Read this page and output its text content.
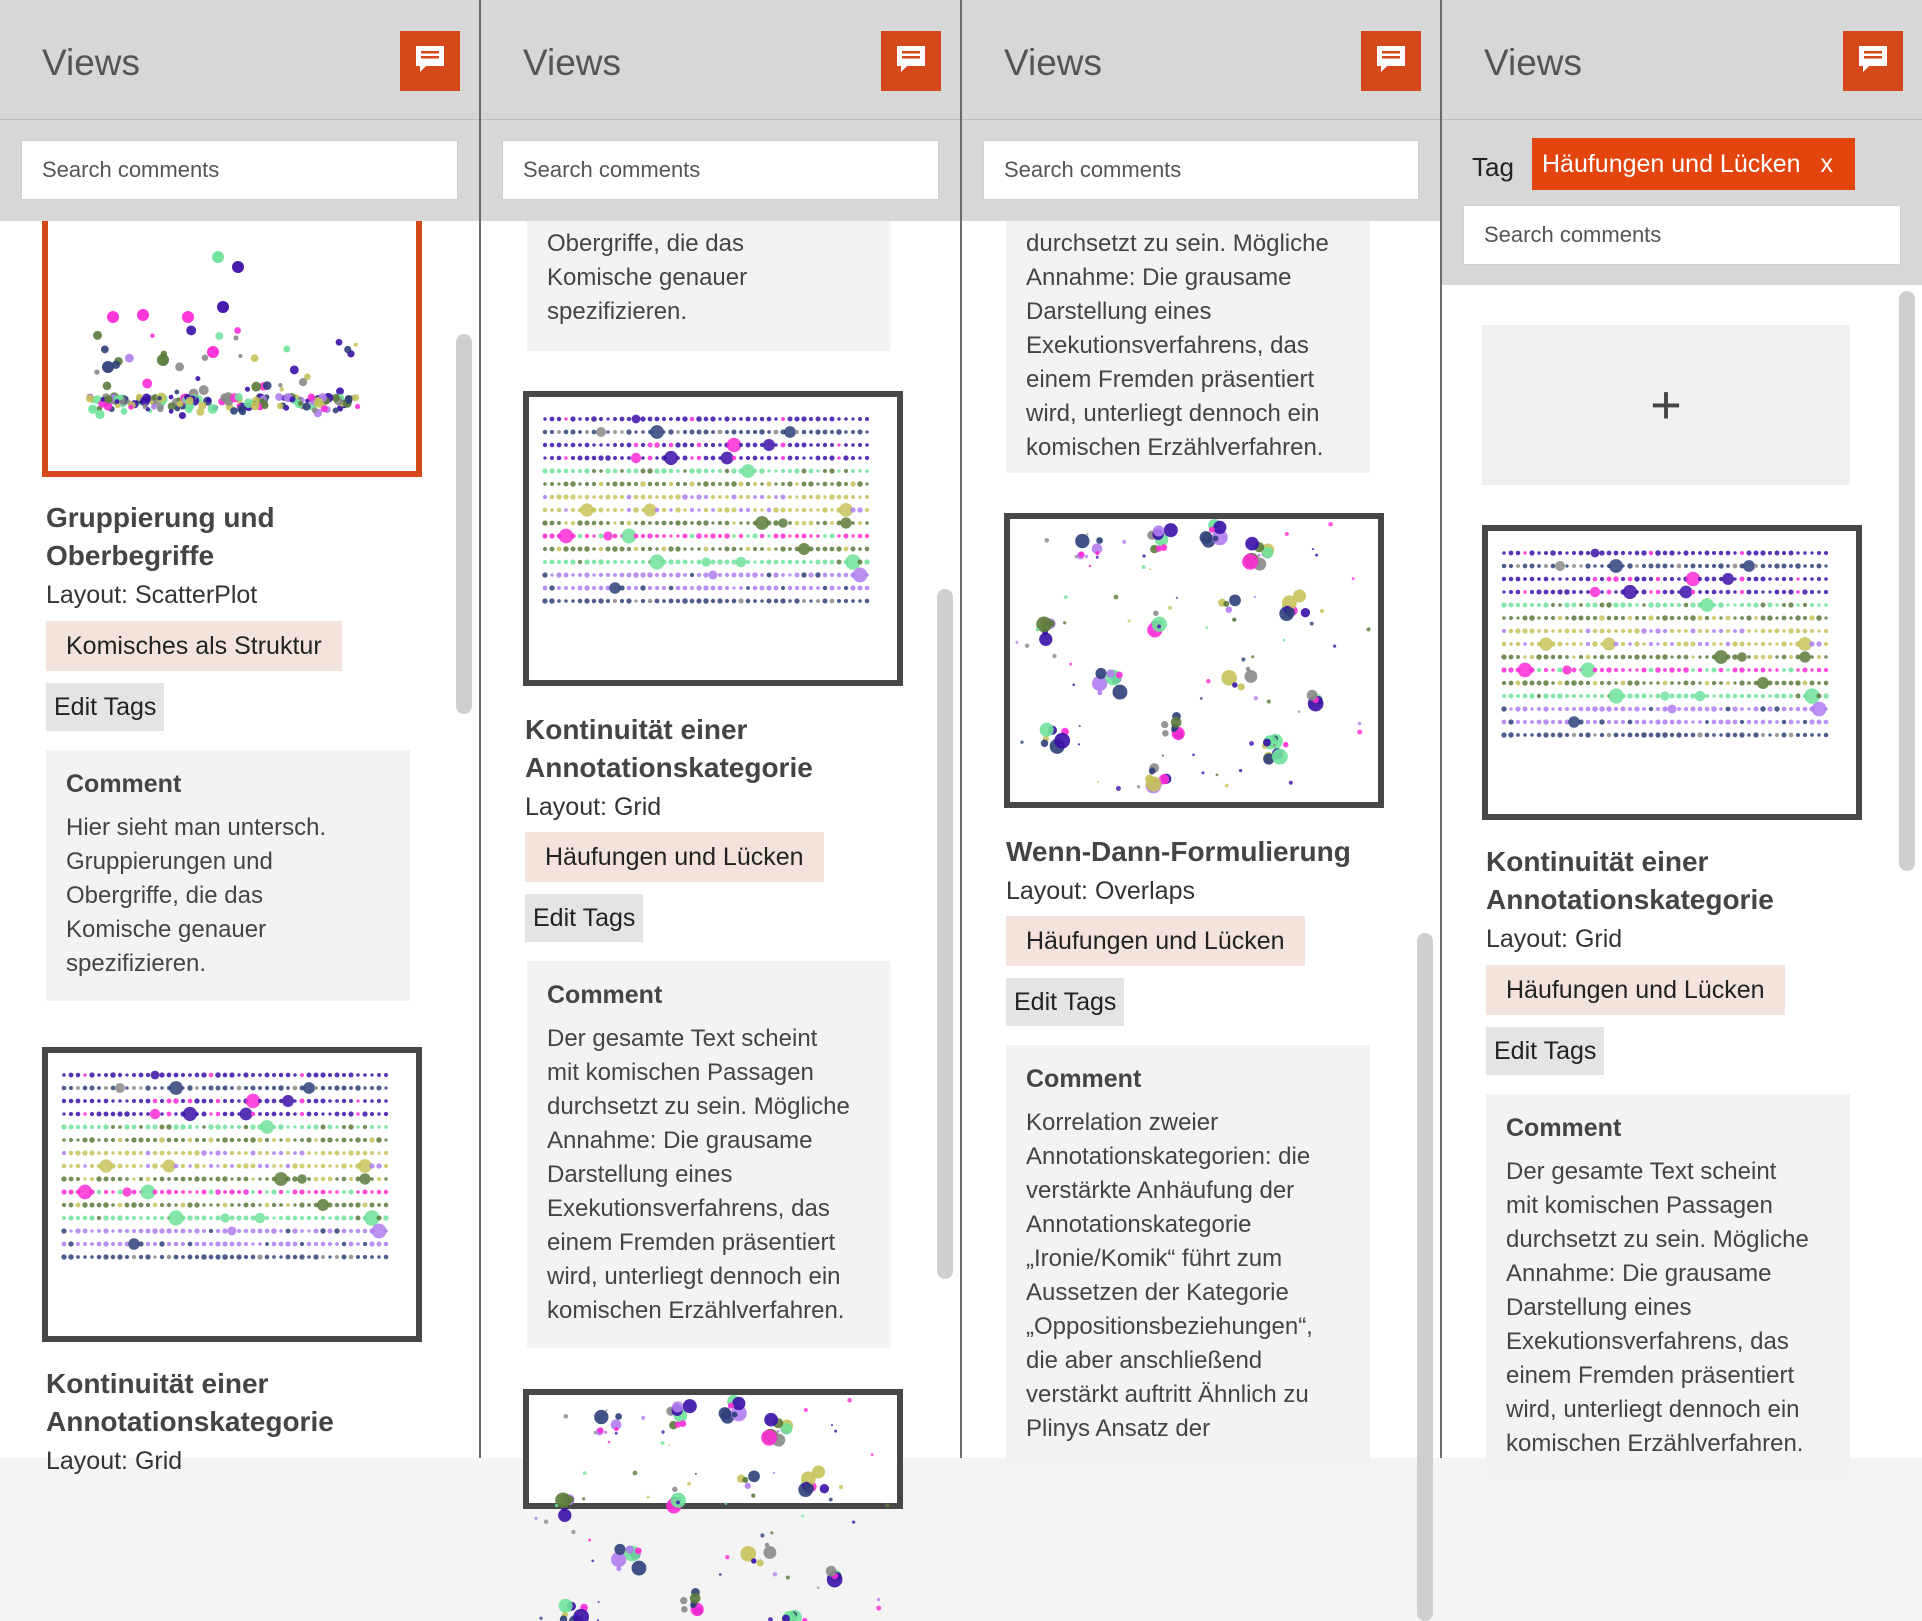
Gruppierung und
Oberbegriffe
Layout: ScatterPlot
Komisches als Struktur
Edit Tags
Comment
Hier sieht man untersch.
Gruppierungen und
Obergriffe, die das
Komische genauer
spezifizieren.
Kontinuität einer
Annotationskategorie
Layout: Grid
Views
Search comments
Obergriffe, die das
Komische genauer
spezifizieren.
Kontinuität einer
Annotationskategorie
Layout: Grid
Häufungen und Lücken
Edit Tags
Comment
Der gesamte Text scheint
mit komischen Passagen
durchsetzt zu sein. Mögliche
Annahme: Die grausame
Darstellung eines
Exekutionsverfahrens, das
einem Fremden präsentiert
wird, unterliegt dennoch ein
komischen Erzählverfahren.
Views
Search comments
durchsetzt zu sein. Mögliche
Annahme: Die grausame
Darstellung eines
Exekutionsverfahrens, das
einem Fremden präsentiert
wird, unterliegt dennoch ein
komischen Erzählverfahren.
Wenn-Dann-Formulierung
Layout: Overlaps
Häufungen und Lücken
Edit Tags
Comment
Korrelation zweier
Annotationskategorien: die
verstärkte Anhäufung der
Annotationskategorie
„Ironie/Komik“ führt zum
Aussetzen der Kategorie
„Oppositionsbeziehungen“,
die aber anschließend
verstärkt auftritt Ähnlich zu
Plinys Ansatz der
Views
Search comments
+
Kontinuität einer
Annotationskategorie
Layout: Grid
Häufungen und Lücken
Edit Tags
Comment
Der gesamte Text scheint
mit komischen Passagen
durchsetzt zu sein. Mögliche
Annahme: Die grausame
Darstellung eines
Exekutionsverfahrens, das
einem Fremden präsentiert
wird, unterliegt dennoch ein
komischen Erzählverfahren.
Views
Tag Häufungen und Lücken x
Search comments
